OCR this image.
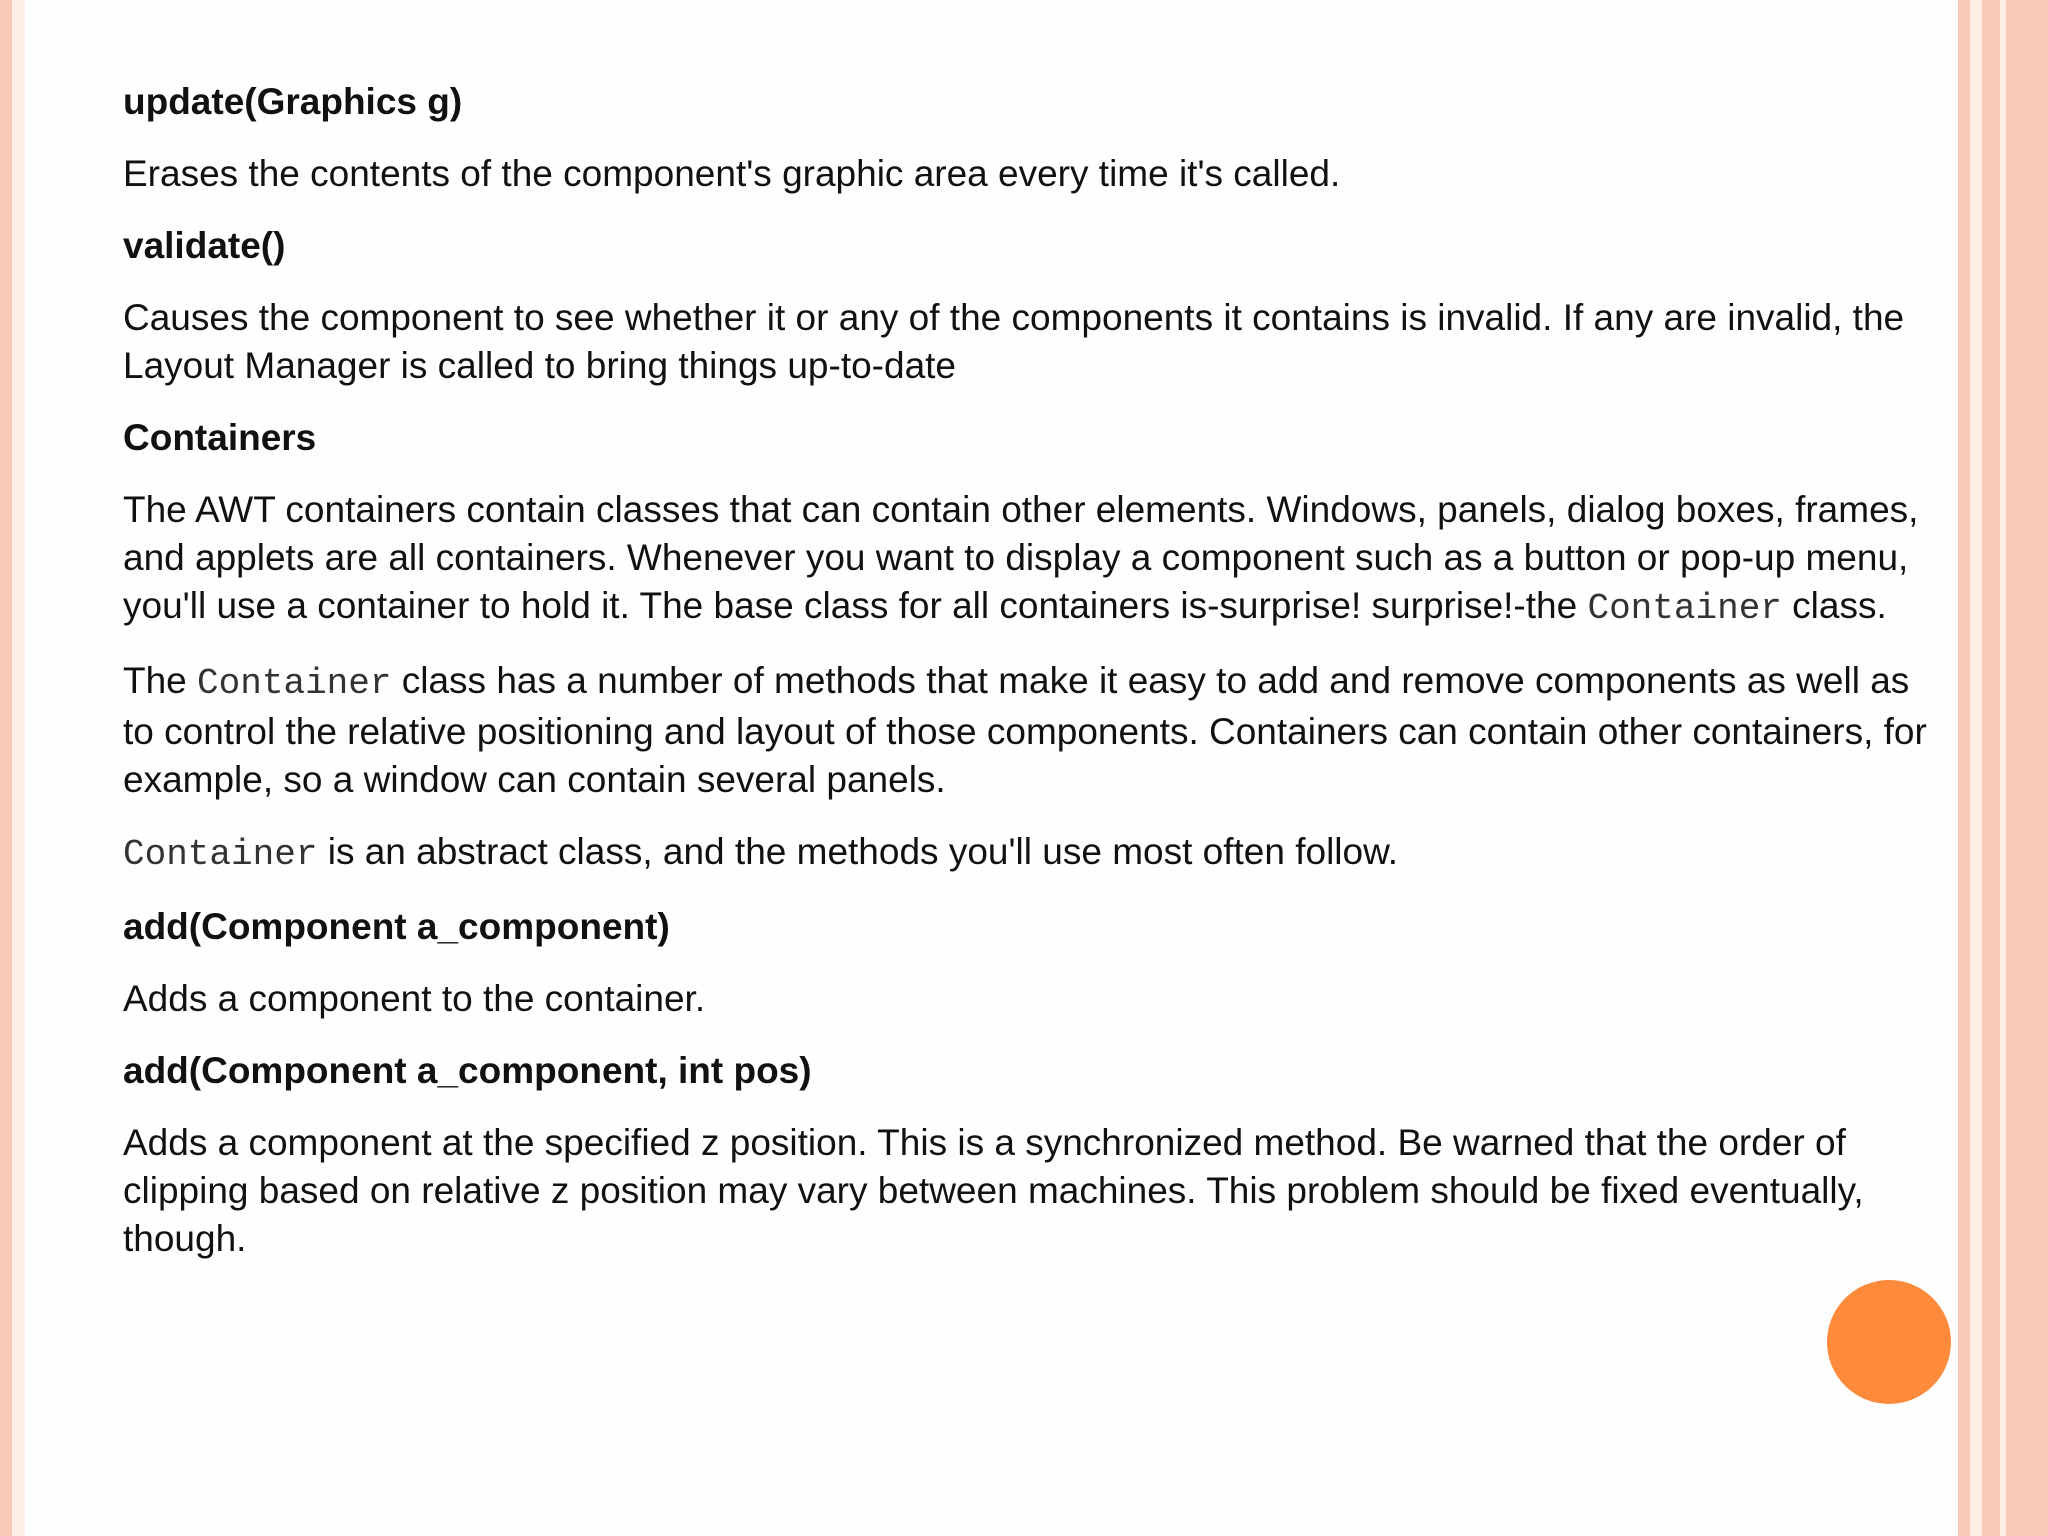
update(Graphics g)
Erases the contents of the component's graphic area every time it's called.
validate()
Causes the component to see whether it or any of the components it contains is invalid. If any are invalid, the Layout Manager is called to bring things up-to-date
Containers
The AWT containers contain classes that can contain other elements. Windows, panels, dialog boxes, frames, and applets are all containers. Whenever you want to display a component such as a button or pop-up menu, you'll use a container to hold it. The base class for all containers is-surprise! surprise!-the Container class.
The Container class has a number of methods that make it easy to add and remove components as well as to control the relative positioning and layout of those components. Containers can contain other containers, for example, so a window can contain several panels.
Container is an abstract class, and the methods you'll use most often follow.
add(Component a_component)
Adds a component to the container.
add(Component a_component, int pos)
Adds a component at the specified z position. This is a synchronized method. Be warned that the order of clipping based on relative z position may vary between machines. This problem should be fixed eventually, though.
